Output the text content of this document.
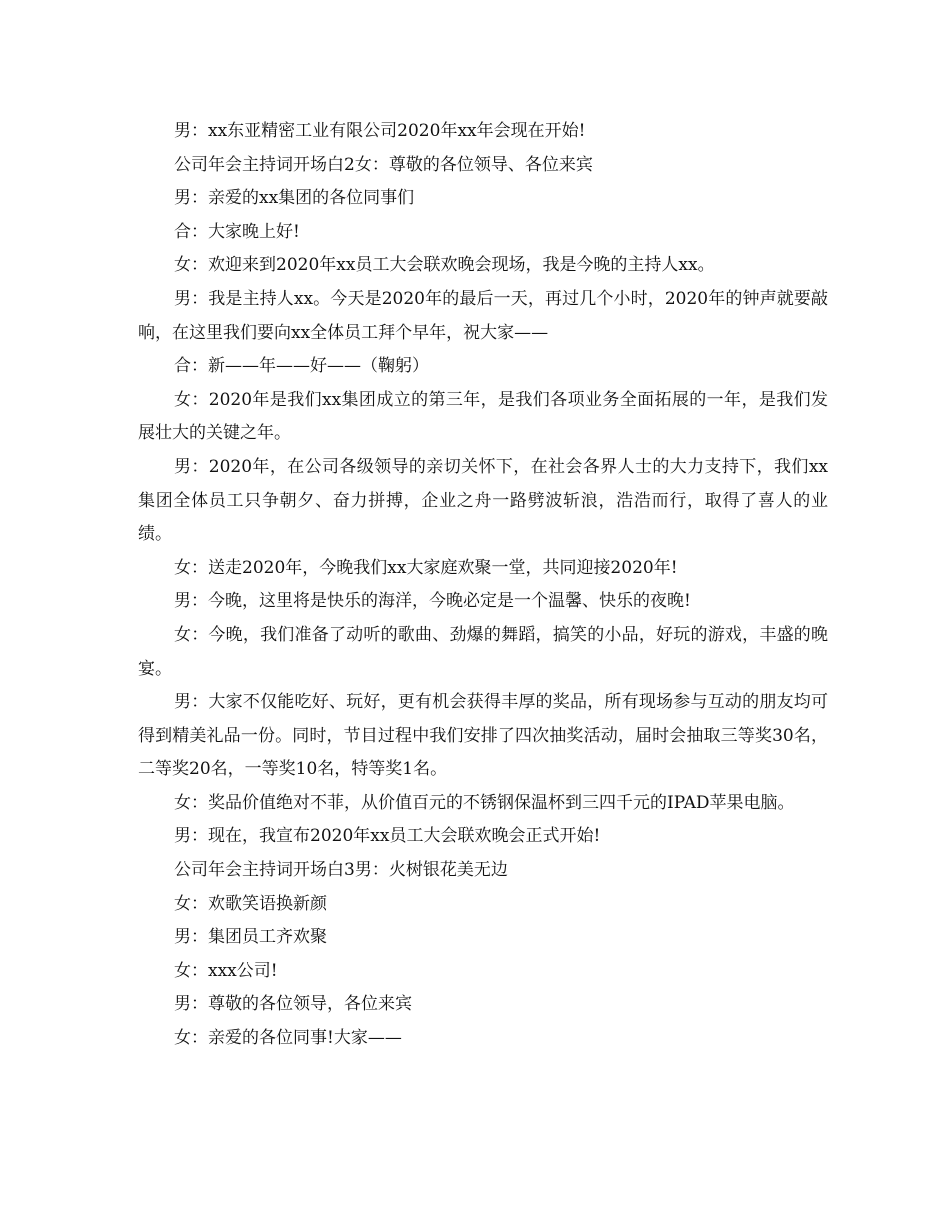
男：xx东亚精密工业有限公司2020年xx年会现在开始!

公司年会主持词开场白2女：尊敬的各位领导、各位来宾

男：亲爱的xx集团的各位同事们

合：大家晚上好!

女：欢迎来到2020年xx员工大会联欢晚会现场，我是今晚的主持人xx。

男：我是主持人xx。今天是2020年的最后一天，再过几个小时，2020年的钟声就要敲响，在这里我们要向xx全体员工拜个早年，祝大家——

合：新——年——好——（鞠躬）

女：2020年是我们xx集团成立的第三年，是我们各项业务全面拓展的一年，是我们发展壮大的关键之年。

男：2020年，在公司各级领导的亲切关怀下，在社会各界人士的大力支持下，我们xx集团全体员工只争朝夕、奋力拼搏，企业之舟一路劈波斩浪，浩浩而行，取得了喜人的业绩。

女：送走2020年，今晚我们xx大家庭欢聚一堂，共同迎接2020年!

男：今晚，这里将是快乐的海洋，今晚必定是一个温馨、快乐的夜晚!

女：今晚，我们准备了动听的歌曲、劲爆的舞蹈，搞笑的小品，好玩的游戏，丰盛的晚宴。

男：大家不仅能吃好、玩好，更有机会获得丰厚的奖品，所有现场参与互动的朋友均可得到精美礼品一份。同时，节目过程中我们安排了四次抽奖活动，届时会抽取三等奖30名，二等奖20名，一等奖10名，特等奖1名。

女：奖品价值绝对不菲，从价值百元的不锈钢保温杯到三四千元的IPAD苹果电脑。

男：现在，我宣布2020年xx员工大会联欢晚会正式开始!

公司年会主持词开场白3男：火树银花美无边

女：欢歌笑语换新颜

男：集团员工齐欢聚

女：xxx公司!

男：尊敬的各位领导，各位来宾

女：亲爱的各位同事!大家——
